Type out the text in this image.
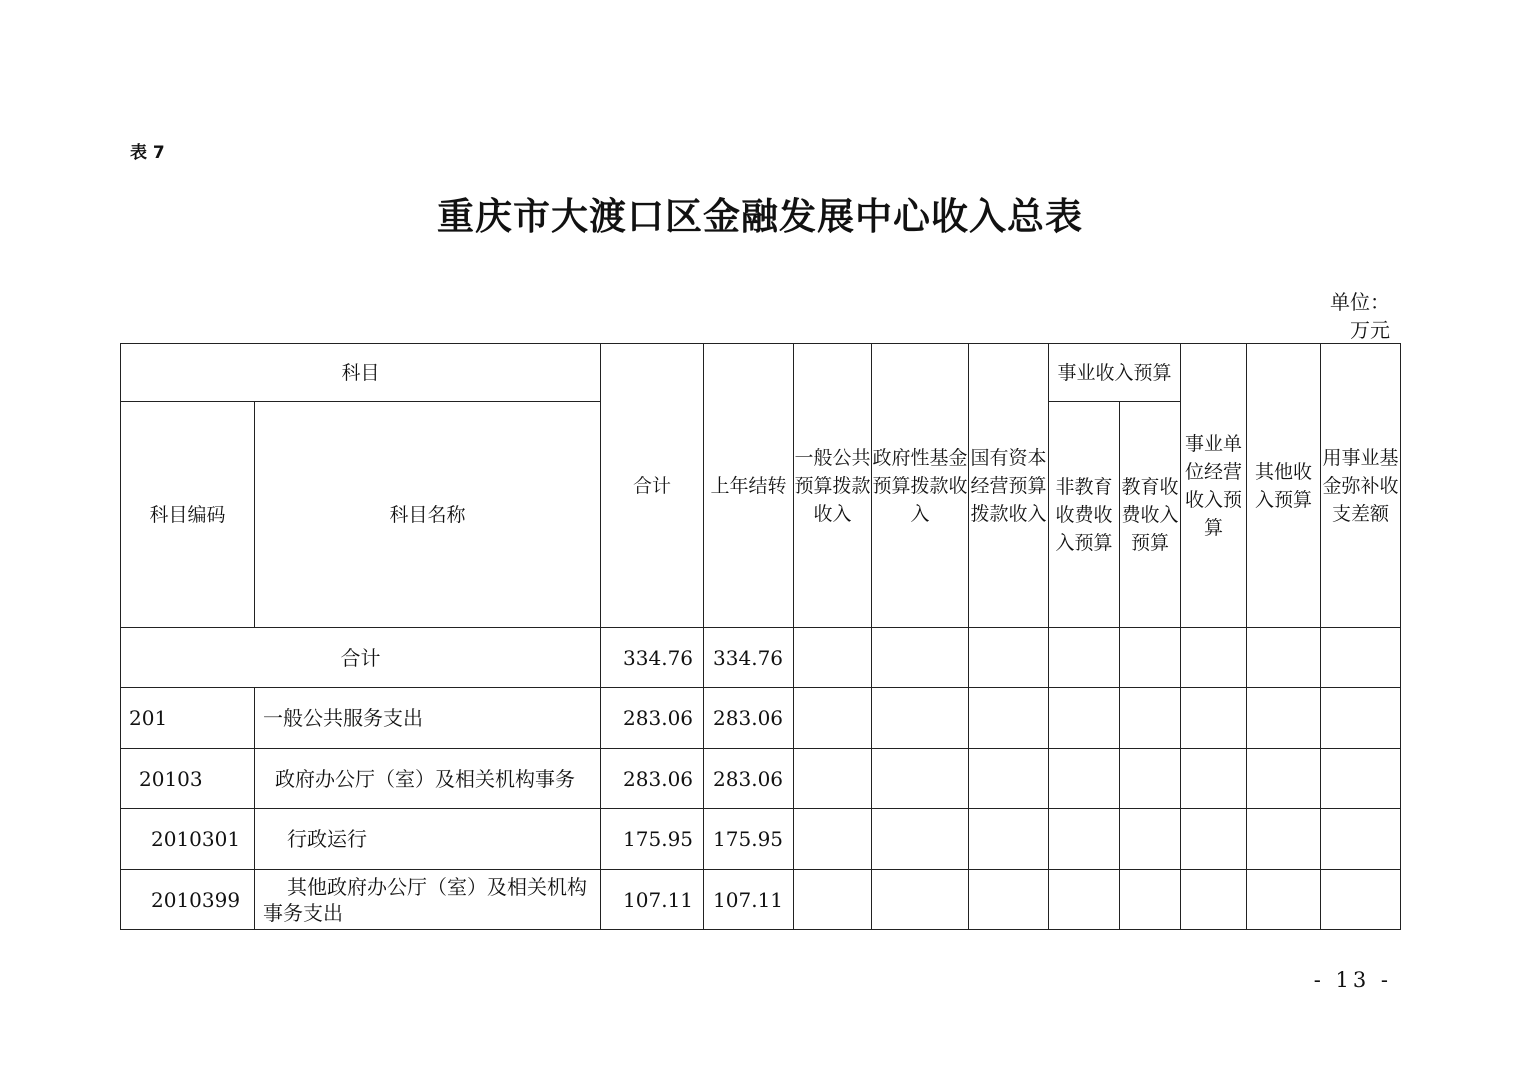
表 7
重庆市大渡口区金融发展中心收入总表
单位：
万元
科目		合计	上年结转	一般公共预算拨款收入	政府性基金预算拨款收入	国有资本经营预算拨款收入	事业收入预算		事业单位经营收入预算	其他收入预算	用事业基金弥补收支差额
科目编码	科目名称						非教育收费收入预算	教育收费收入预算			
合计		334.76	334.76								
201	一般公共服务支出	283.06	283.06								
20103	政府办公厅（室）及相关机构事务	283.06	283.06								
2010301	行政运行	175.95	175.95								
2010399	其他政府办公厅（室）及相关机构事务支出	107.11	107.11								
- 13 -
